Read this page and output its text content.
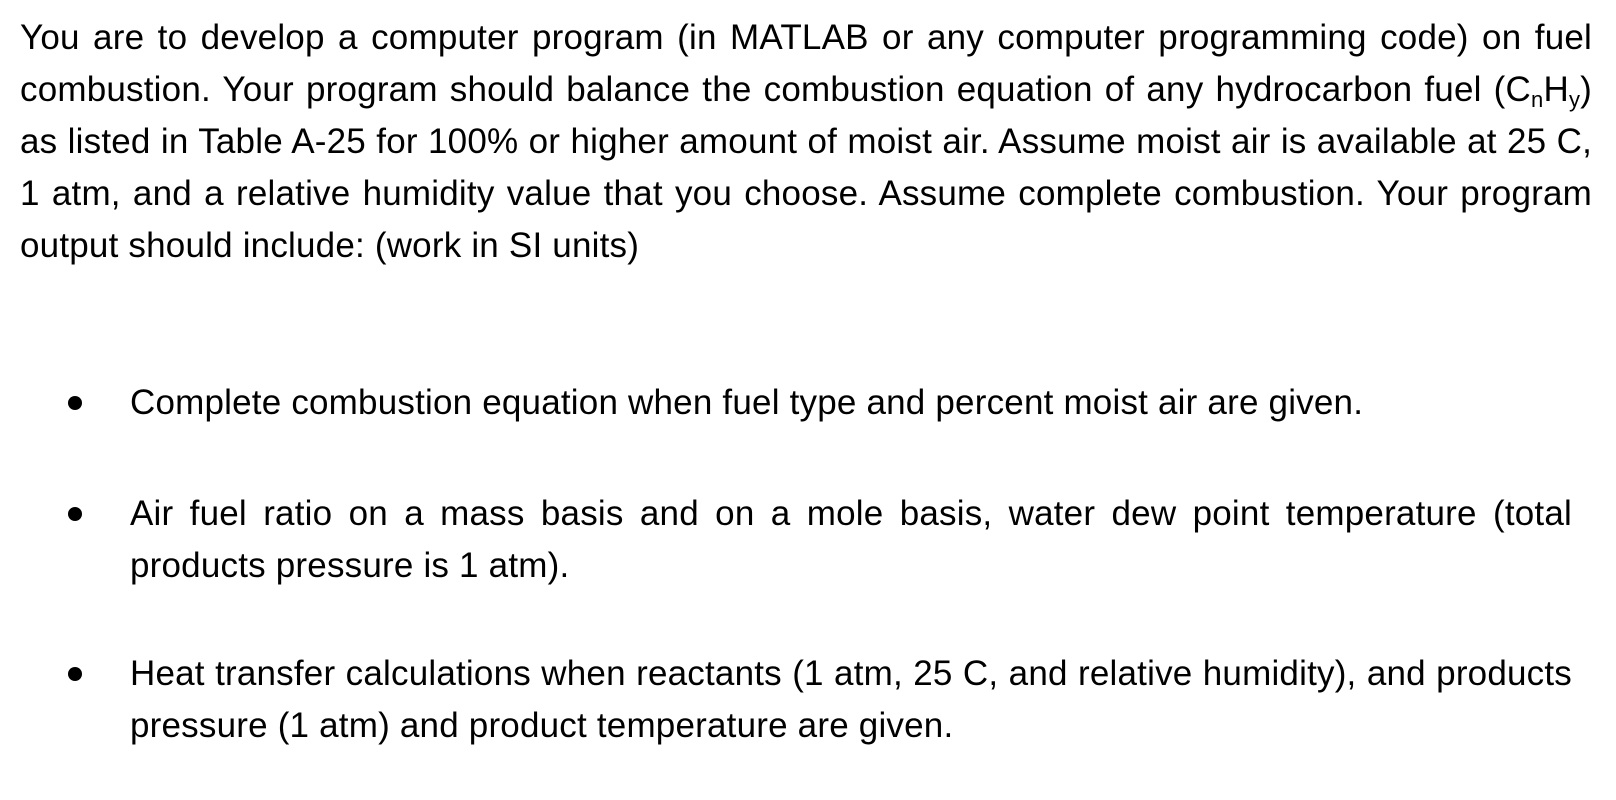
You are to develop a computer program (in MATLAB or any computer programming code) on fuel combustion. Your program should balance the combustion equation of any hydrocarbon fuel $(C_nH_y)$ as listed in Table A-25 for 100% or higher amount of moist air. Assume moist air is available at 25 C, 1 atm, and a relative humidity value that you choose. Assume complete combustion. Your program output should include: (work in SI units)

Complete combustion equation when fuel type and percent moist air are given.
Air fuel ratio on a mass basis and on a mole basis, water dew point temperature (total products pressure is 1 atm).
Heat transfer calculations when reactants (1 atm, 25 C, and relative humidity), and products pressure (1 atm) and product temperature are given.
